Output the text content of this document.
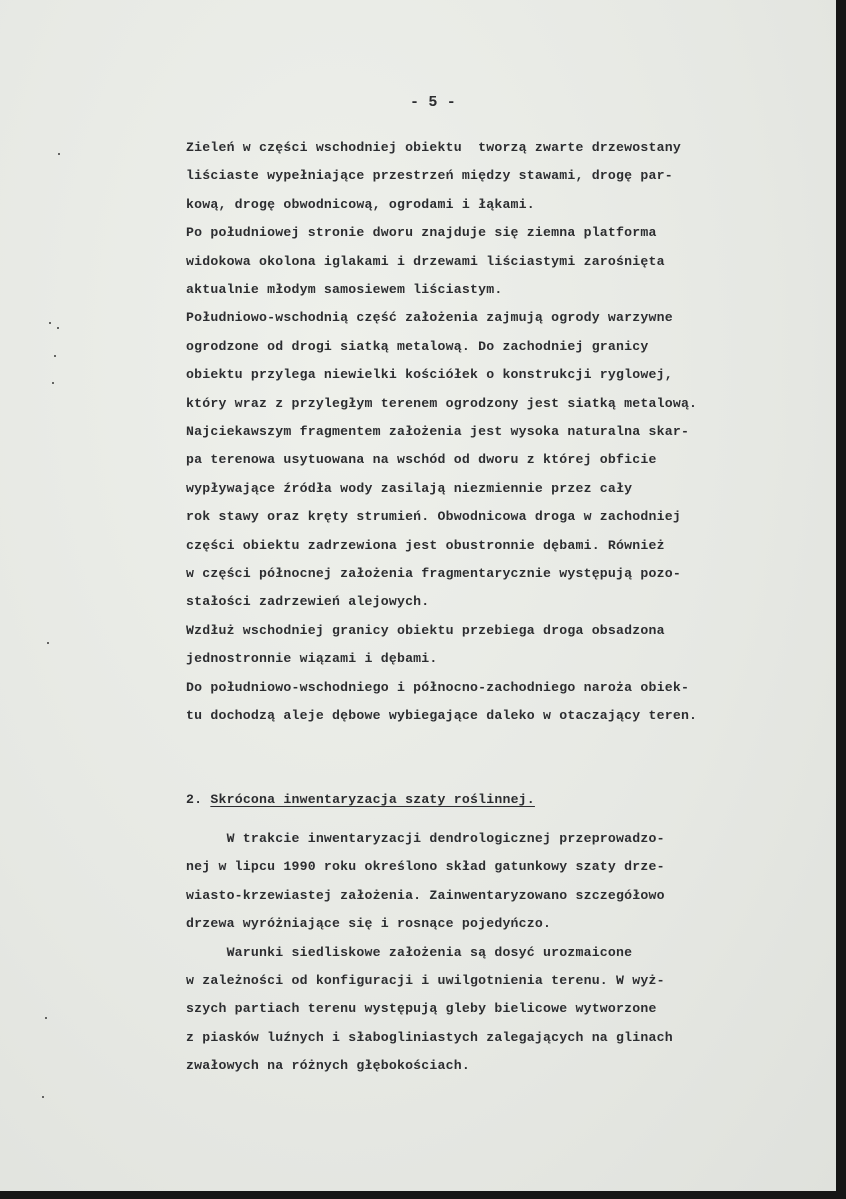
- 5 -
Zieleń w części wschodniej obiektu  tworzą zwarte drzewostany
liściaste wypełniające przestrzeń między stawami, drogę par-
kową, drogę obwodnicową, ogrodami i łąkami.
Po południowej stronie dworu znajduje się ziemna platforma
widokowa okolona iglakami i drzewami liściastymi zarośnięta
aktualnie młodym samosiewem liściastym.
Południowo-wschodnią część założenia zajmują ogrody warzywne
ogrodzone od drogi siatką metalową. Do zachodniej granicy
obiektu przylega niewielki kościółek o konstrukcji ryglowej,
który wraz z przyległym terenem ogrodzony jest siatką metalową.
Najciekawszym fragmentem założenia jest wysoka naturalna skar-
pa terenowa usytuowana na wschód od dworu z której obficie
wypływające źródła wody zasilają niezmiennie przez cały
rok stawy oraz kręty strumień. Obwodnicowa droga w zachodniej
części obiektu zadrzewiona jest obustronnie dębami. Również
w części północnej założenia fragmentarycznie występują pozo-
stałości zadrzewień alejowych.
Wzdłuż wschodniej granicy obiektu przebiega droga obsadzona
jednostronnie wiązami i dębami.
Do południowo-wschodniego i północno-zachodniego naroża obiek-
tu dochodzą aleje dębowe wybiegające daleko w otaczający teren.
2. Skrócona inwentaryzacja szaty roślinnej.
W trakcie inwentaryzacji dendrologicznej przeprowadzo-
nej w lipcu 1990 roku określono skład gatunkowy szaty drze-
wiasto-krzewiastej założenia. Zainwentaryzowano szczegółowo
drzewa wyróżniające się i rosnące pojedyńczo.
Warunki siedliskowe założenia są dosyć urozmaicone
w zależności od konfiguracji i uwilgotnienia terenu. W wyż-
szych partiach terenu występują gleby bielicowe wytworzone
z piasków luźnych i słabogliniastych zalegających na glinach
zwałowych na różnych głębokościach.
